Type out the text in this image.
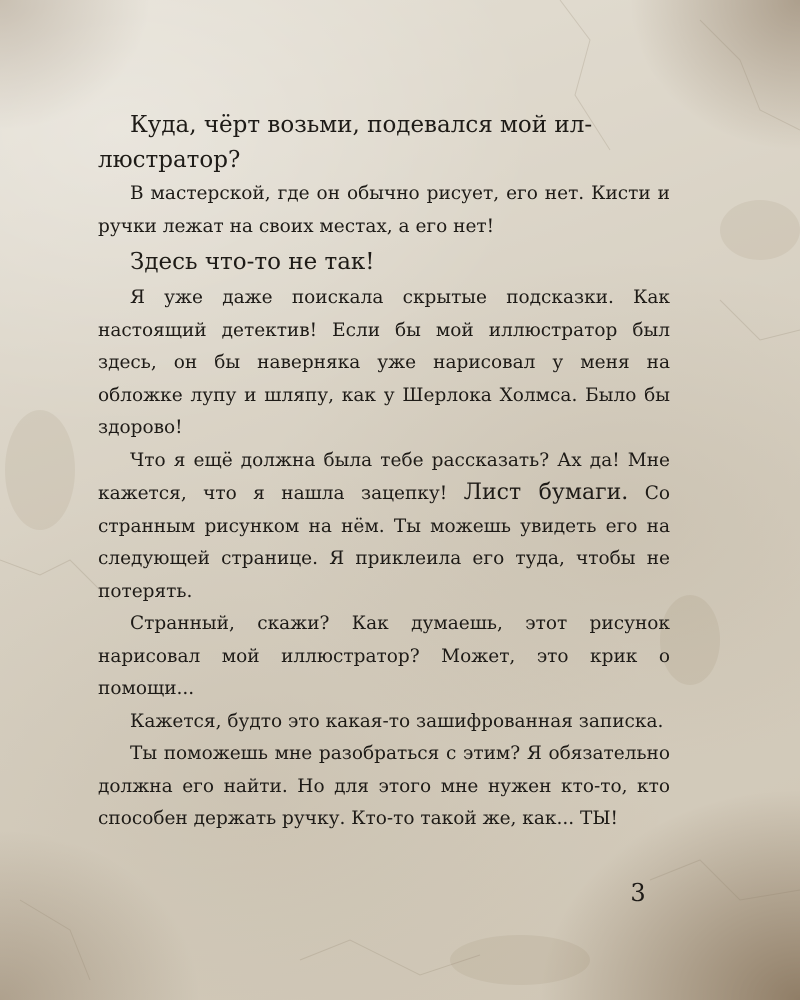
Куда, чёрт возьми, подевался мой ил-
люстратор?

В мастерской, где он обычно рисует, его нет. Кисти и ручки лежат на своих местах, а его нет!

Здесь что-то не так!

Я уже даже поискала скрытые подсказки. Как настоящий детектив! Если бы мой иллюстратор был здесь, он бы наверняка уже нарисовал у меня на обложке лупу и шляпу, как у Шерлока Холмса. Было бы здорово!

Что я ещё должна была тебе рассказать? Ах да! Мне кажется, что я нашла зацепку! Лист бумаги. Со странным рисунком на нём. Ты можешь увидеть его на следующей странице. Я приклеила его туда, чтобы не потерять.

Странный, скажи? Как думаешь, этот рисунок нарисовал мой иллюстратор? Может, это крик о помощи...

Кажется, будто это какая-то зашифрованная записка.

Ты поможешь мне разобраться с этим? Я обязательно должна его найти. Но для этого мне нужен кто-то, кто способен держать ручку. Кто-то такой же, как... ТЫ!

3
